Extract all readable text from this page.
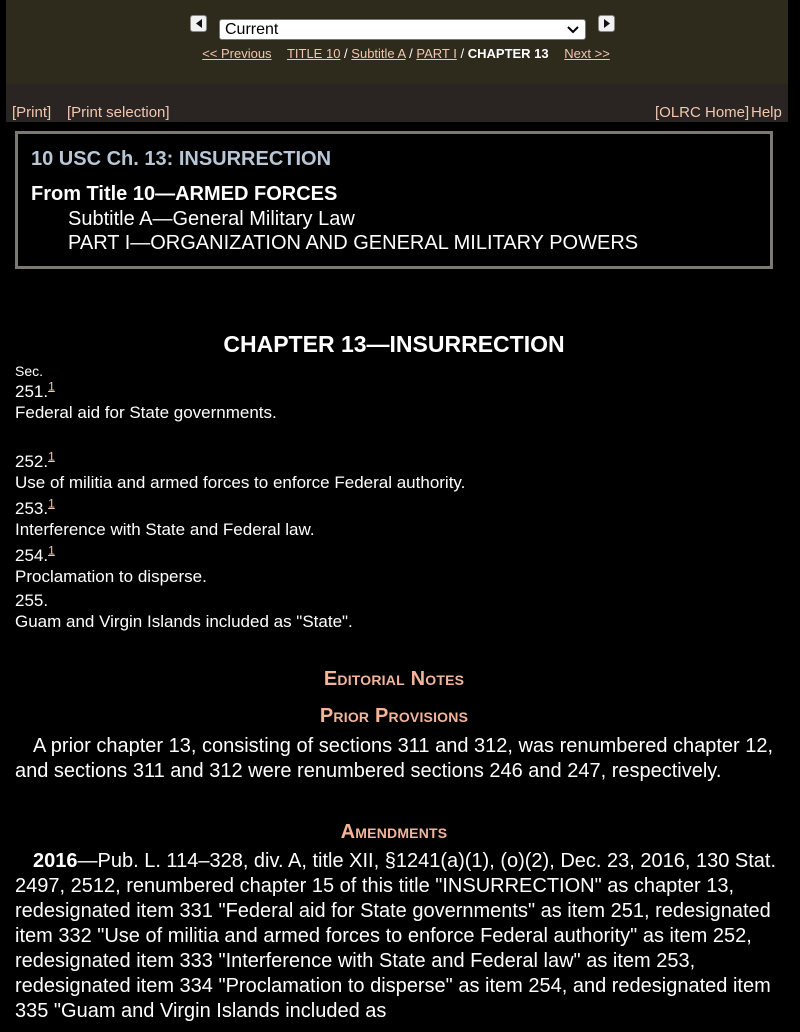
Current
<< Previous TITLE 10 / Subtitle A / PART I / CHAPTER 13 Next >>
[Print] [Print selection]	[OLRC Home] Help
10 USC Ch. 13: INSURRECTION
From Title 10—ARMED FORCES
Subtitle A—General Military Law
PART I—ORGANIZATION AND GENERAL MILITARY POWERS
CHAPTER 13—INSURRECTION
Sec.
251.$^1$
Federal aid for State governments.
252.$^1$
Use of militia and armed forces to enforce Federal authority.
253.$^1$
Interference with State and Federal law.
254.$^1$
Proclamation to disperse.
255.
Guam and Virgin Islands included as "State".
Editorial Notes
Prior Provisions
A prior chapter 13, consisting of sections 311 and 312, was renumbered chapter 12, and sections 311 and 312 were renumbered sections 246 and 247, respectively.
Amendments
2016—Pub. L. 114–328, div. A, title XII, §1241(a)(1), (o)(2), Dec. 23, 2016, 130 Stat. 2497, 2512, renumbered chapter 15 of this title "INSURRECTION" as chapter 13, redesignated item 331 "Federal aid for State governments" as item 251, redesignated item 332 "Use of militia and armed forces to enforce Federal authority" as item 252, redesignated item 333 "Interference with State and Federal law" as item 253, redesignated item 334 "Proclamation to disperse" as item 254, and redesignated item 335 "Guam and Virgin Islands included as
